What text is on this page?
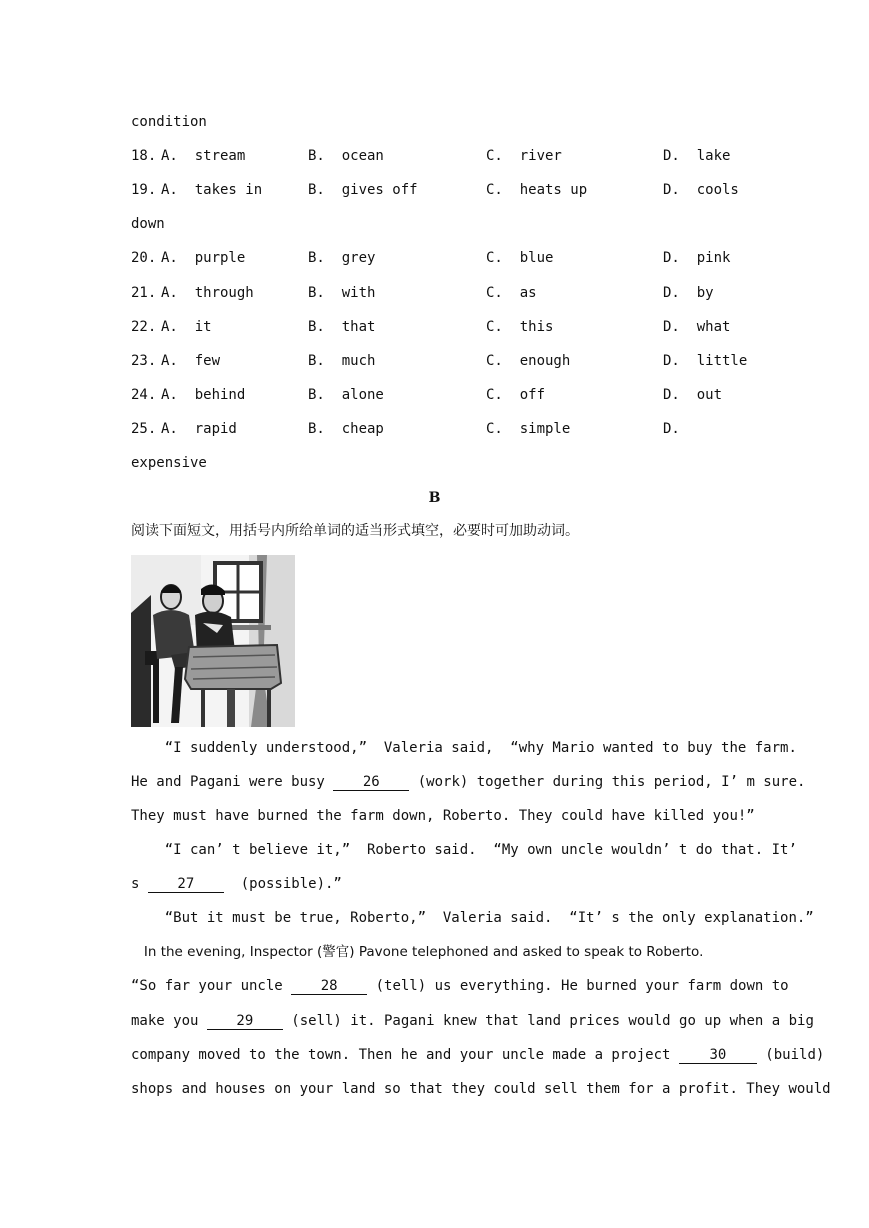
condition
18. A.  stream	B.  ocean	C.  river	D.  lake
19. A.  takes in	B.  gives off	C.  heats up	D.  cools
down
20. A.  purple	B.  grey	C.  blue	D.  pink
21. A.  through	B.  with	C.  as	D.  by
22. A.  it	B.  that	C.  this	D.  what
23. A.  few	B.  much	C.  enough	D.  little
24. A.  behind	B.  alone	C.  off	D.  out
25. A.  rapid	B.  cheap	C.  simple	D.
expensive
B
阅读下面短文，用括号内所给单词的适当形式填空，必要时可加助动词。
“I suddenly understood,”  Valeria said,  “why Mario wanted to buy the farm.
He and Pagani were busy 26 (work) together during this period, I’ m sure.
They must have burned the farm down, Roberto. They could have killed you!”
“I can’ t believe it,”  Roberto said.  “My own uncle wouldn’ t do that. It’
s 27  (possible).”
“But it must be true, Roberto,”  Valeria said.  “It’ s the only explanation.”
In the evening, Inspector (警官) Pavone telephoned and asked to speak to Roberto.
“So far your uncle 28 (tell) us everything. He burned your farm down to
make you 29 (sell) it. Pagani knew that land prices would go up when a big
company moved to the town. Then he and your uncle made a project 30 (build)
shops and houses on your land so that they could sell them for a profit. They would
